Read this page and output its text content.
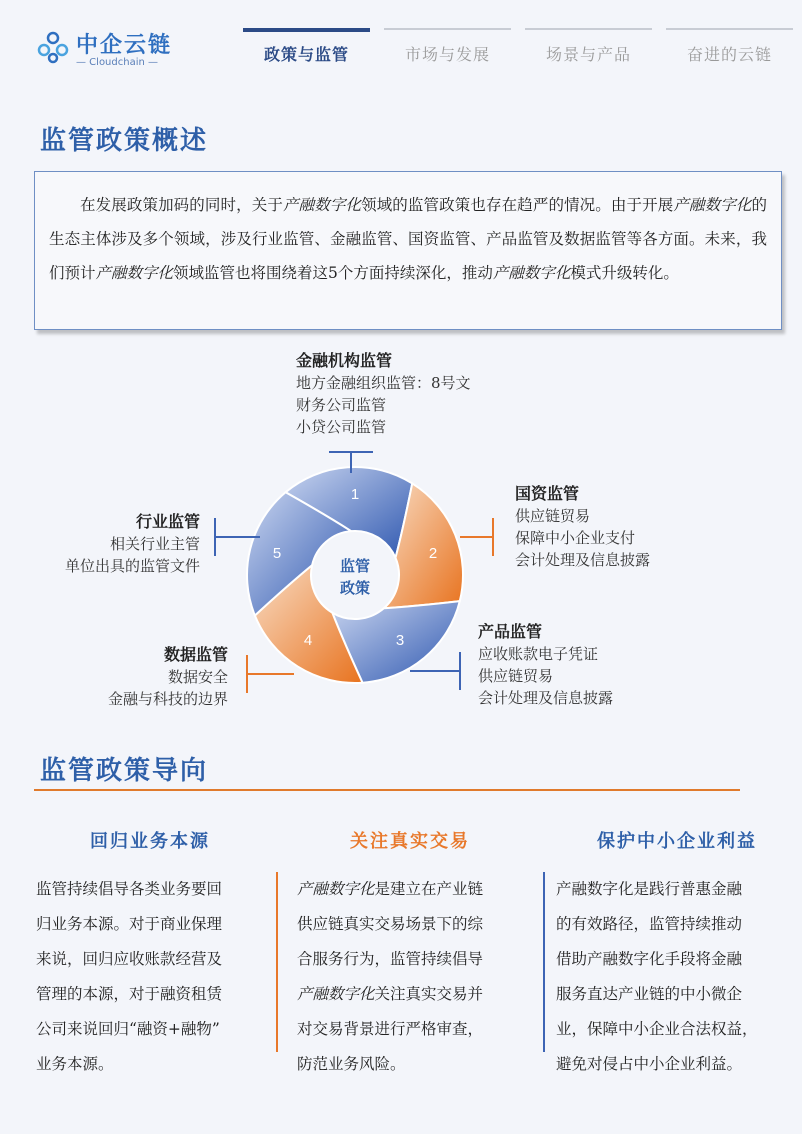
中企云链
— Cloudchain —	政策与监管	市场与发展	场景与产品	奋进的云链
监管政策概述
在发展政策加码的同时，关于产融数字化领域的监管政策也存在趋严的情况。由于开展产融数字化的生态主体涉及多个领域，涉及行业监管、金融监管、国资监管、产品监管及数据监管等各方面。未来，我们预计产融数字化领域监管也将围绕着这5个方面持续深化，推动产融数字化模式升级转化。
1
2
3
4
5
监管
政策
金融机构监管
地方金融组织监管：8号文
财务公司监管
小贷公司监管
国资监管
供应链贸易
保障中小企业支付
会计处理及信息披露
产品监管
应收账款电子凭证
供应链贸易
会计处理及信息披露
数据监管
数据安全
金融与科技的边界
行业监管
相关行业主管
单位出具的监管文件
监管政策导向
回归业务本源	关注真实交易	保护中小企业利益
监管持续倡导各类业务要回
归业务本源。对于商业保理
来说，回归应收账款经营及
管理的本源，对于融资租赁
公司来说回归“融资+融物”
业务本源。
产融数字化是建立在产业链
供应链真实交易场景下的综
合服务行为，监管持续倡导
产融数字化关注真实交易并
对交易背景进行严格审查，
防范业务风险。
产融数字化是践行普惠金融
的有效路径，监管持续推动
借助产融数字化手段将金融
服务直达产业链的中小微企
业，保障中小企业合法权益，
避免对侵占中小企业利益。
